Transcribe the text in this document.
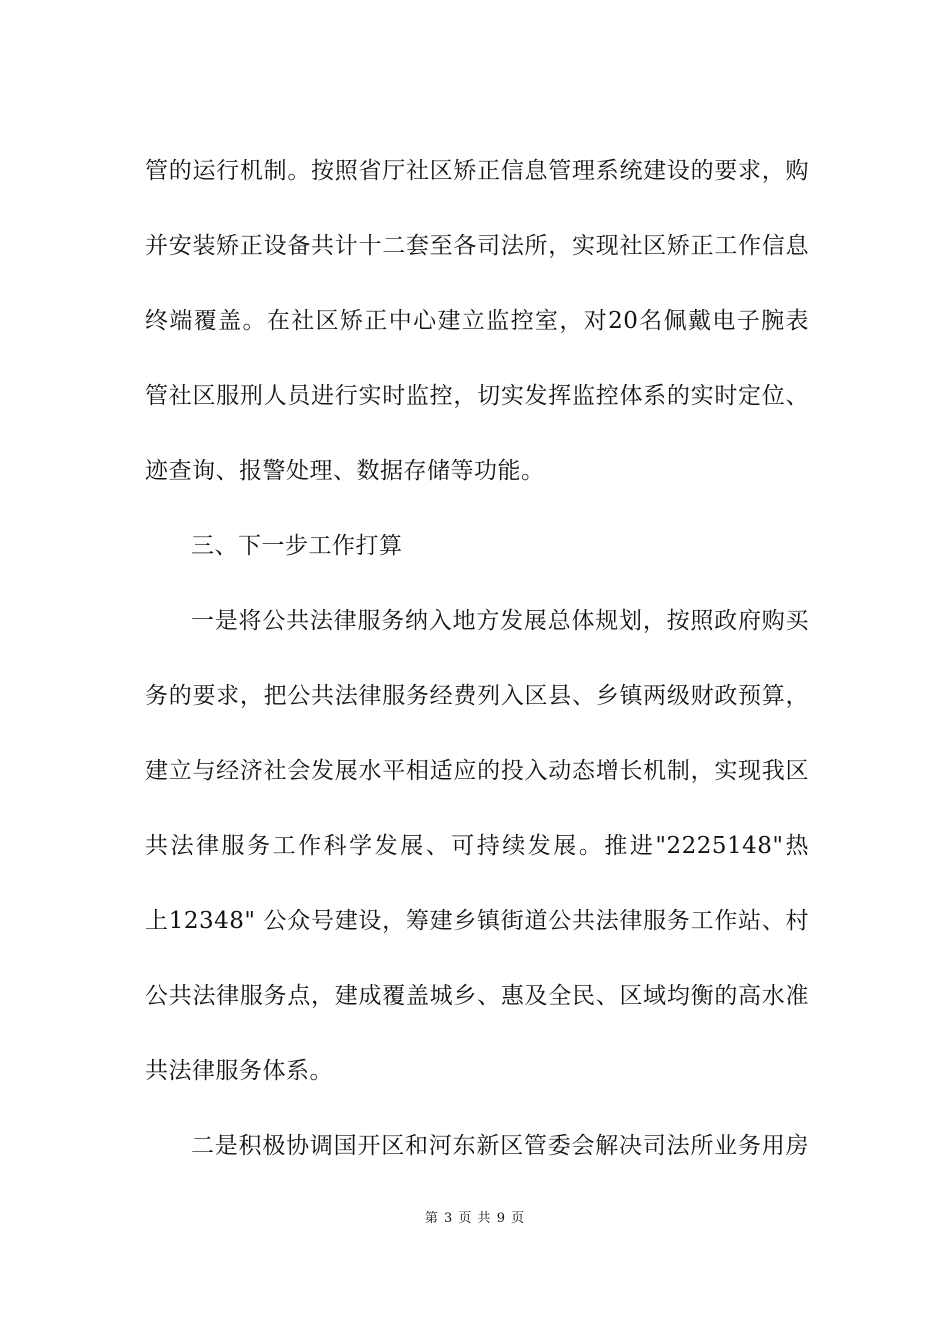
管的运行机制。按照省厅社区矫正信息管理系统建设的要求，购
并安装矫正设备共计十二套至各司法所，实现社区矫正工作信息
终端覆盖。在社区矫正中心建立监控室，对20名佩戴电子腕表
管社区服刑人员进行实时监控，切实发挥监控体系的实时定位、
迹查询、报警处理、数据存储等功能。
三、下一步工作打算
一是将公共法律服务纳入地方发展总体规划，按照政府购买
务的要求，把公共法律服务经费列入区县、乡镇两级财政预算，
建立与经济社会发展水平相适应的投入动态增长机制，实现我区
共法律服务工作科学发展、可持续发展。推进"2225148"热
上12348" 公众号建设，筹建乡镇街道公共法律服务工作站、村
公共法律服务点，建成覆盖城乡、惠及全民、区域均衡的高水准
共法律服务体系。
二是积极协调国开区和河东新区管委会解决司法所业务用房
第 3 页 共 9 页
